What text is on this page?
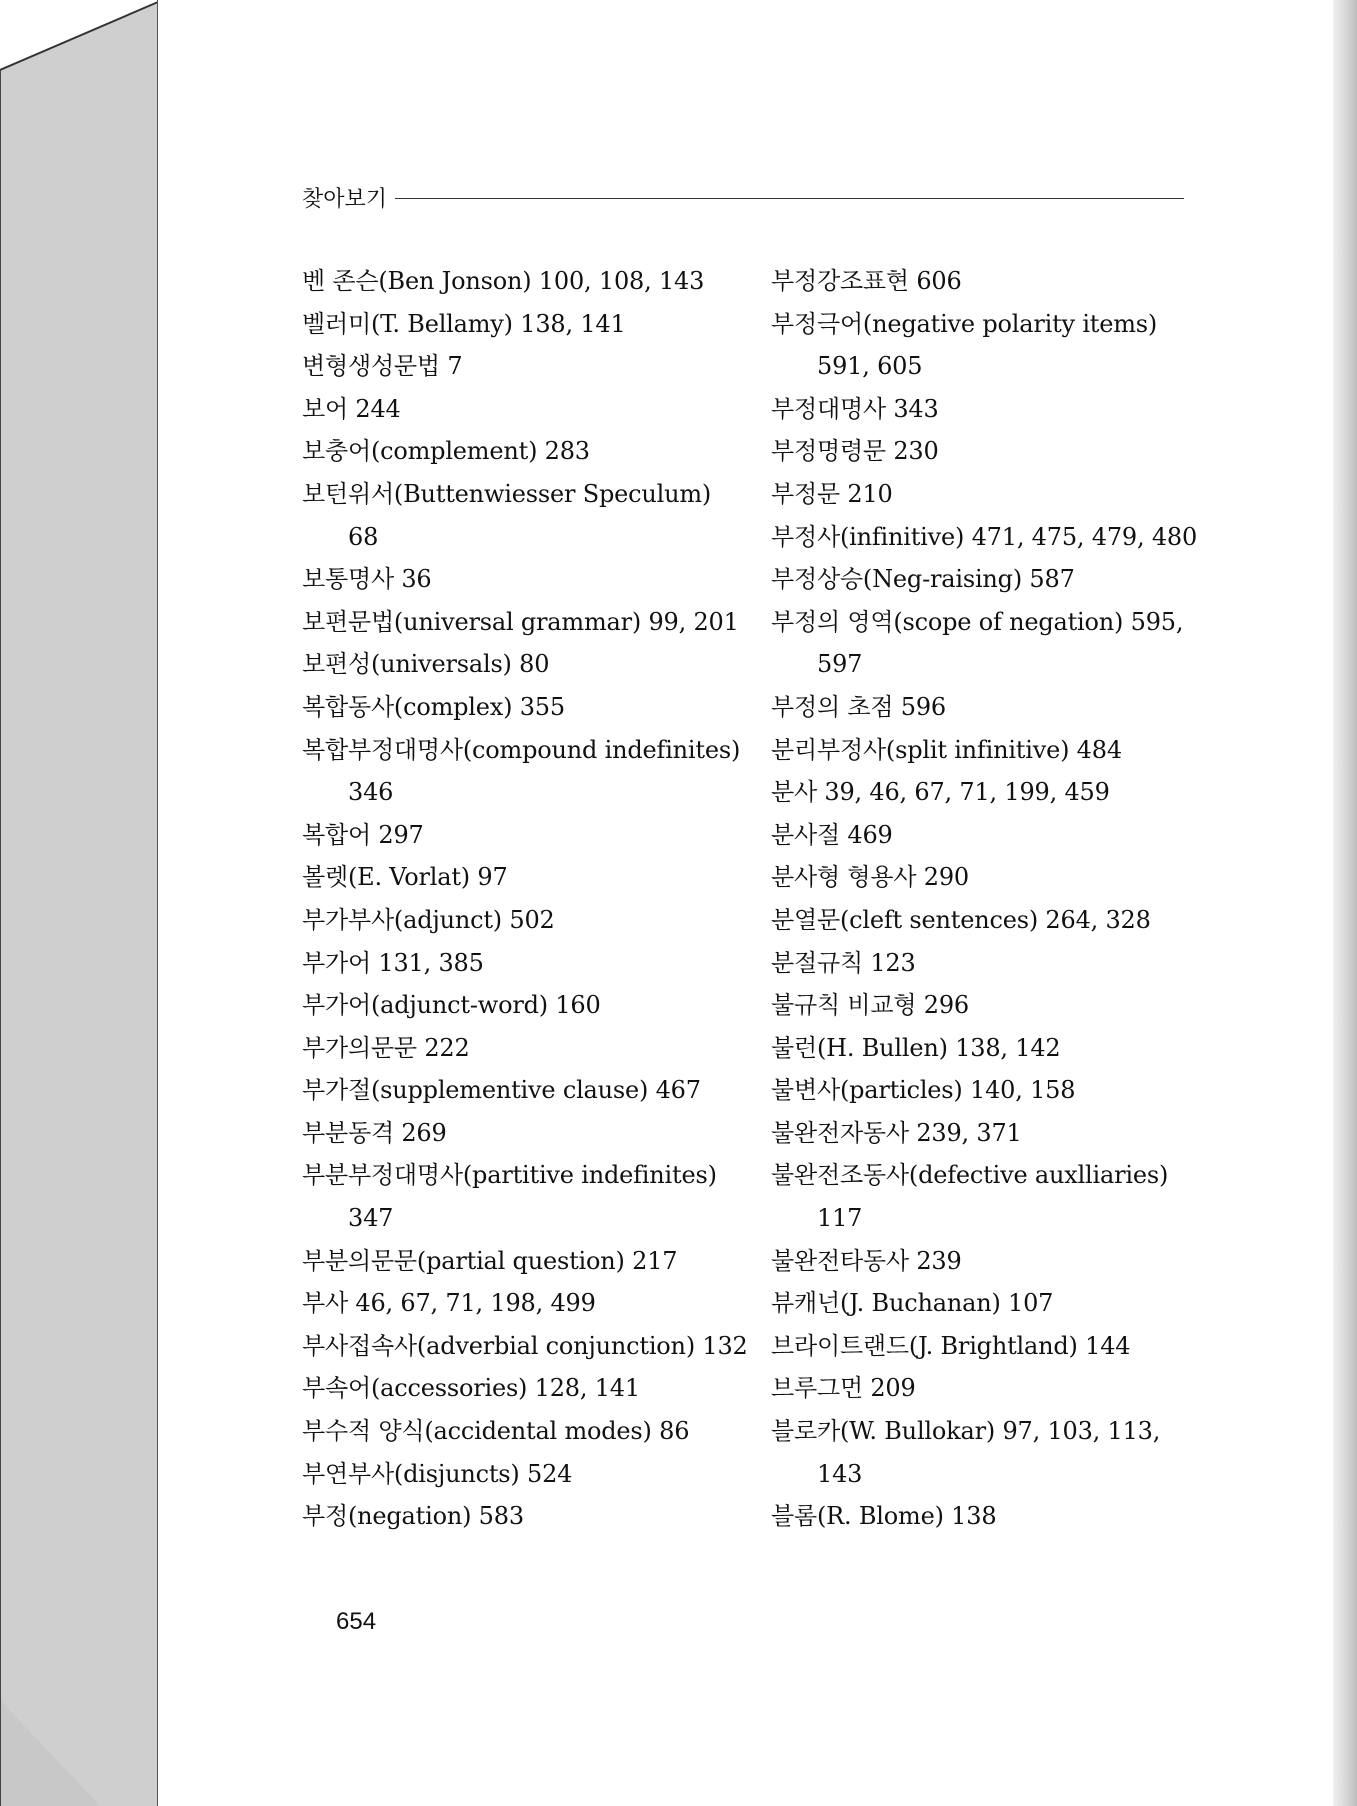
찾아보기
벤 존슨(Ben Jonson) 100, 108, 143
벨러미(T. Bellamy) 138, 141
변형생성문법 7
보어 244
보충어(complement) 283
보턴위서(Buttenwiesser Speculum)
68
보통명사 36
보편문법(universal grammar) 99, 201
보편성(universals) 80
복합동사(complex) 355
복합부정대명사(compound indefinites)
346
복합어 297
볼렛(E. Vorlat) 97
부가부사(adjunct) 502
부가어 131, 385
부가어(adjunct-word) 160
부가의문문 222
부가절(supplementive clause) 467
부분동격 269
부분부정대명사(partitive indefinites)
347
부분의문문(partial question) 217
부사 46, 67, 71, 198, 499
부사접속사(adverbial conjunction) 132
부속어(accessories) 128, 141
부수적 양식(accidental modes) 86
부연부사(disjuncts) 524
부정(negation) 583
부정강조표현 606
부정극어(negative polarity items)
591, 605
부정대명사 343
부정명령문 230
부정문 210
부정사(infinitive) 471, 475, 479, 480
부정상승(Neg-raising) 587
부정의 영역(scope of negation) 595,
597
부정의 초점 596
분리부정사(split infinitive) 484
분사 39, 46, 67, 71, 199, 459
분사절 469
분사형 형용사 290
분열문(cleft sentences) 264, 328
분절규칙 123
불규칙 비교형 296
불런(H. Bullen) 138, 142
불변사(particles) 140, 158
불완전자동사 239, 371
불완전조동사(defective auxlliaries)
117
불완전타동사 239
뷰캐넌(J. Buchanan) 107
브라이트랜드(J. Brightland) 144
브루그먼 209
블로카(W. Bullokar) 97, 103, 113,
143
블롬(R. Blome) 138
654
